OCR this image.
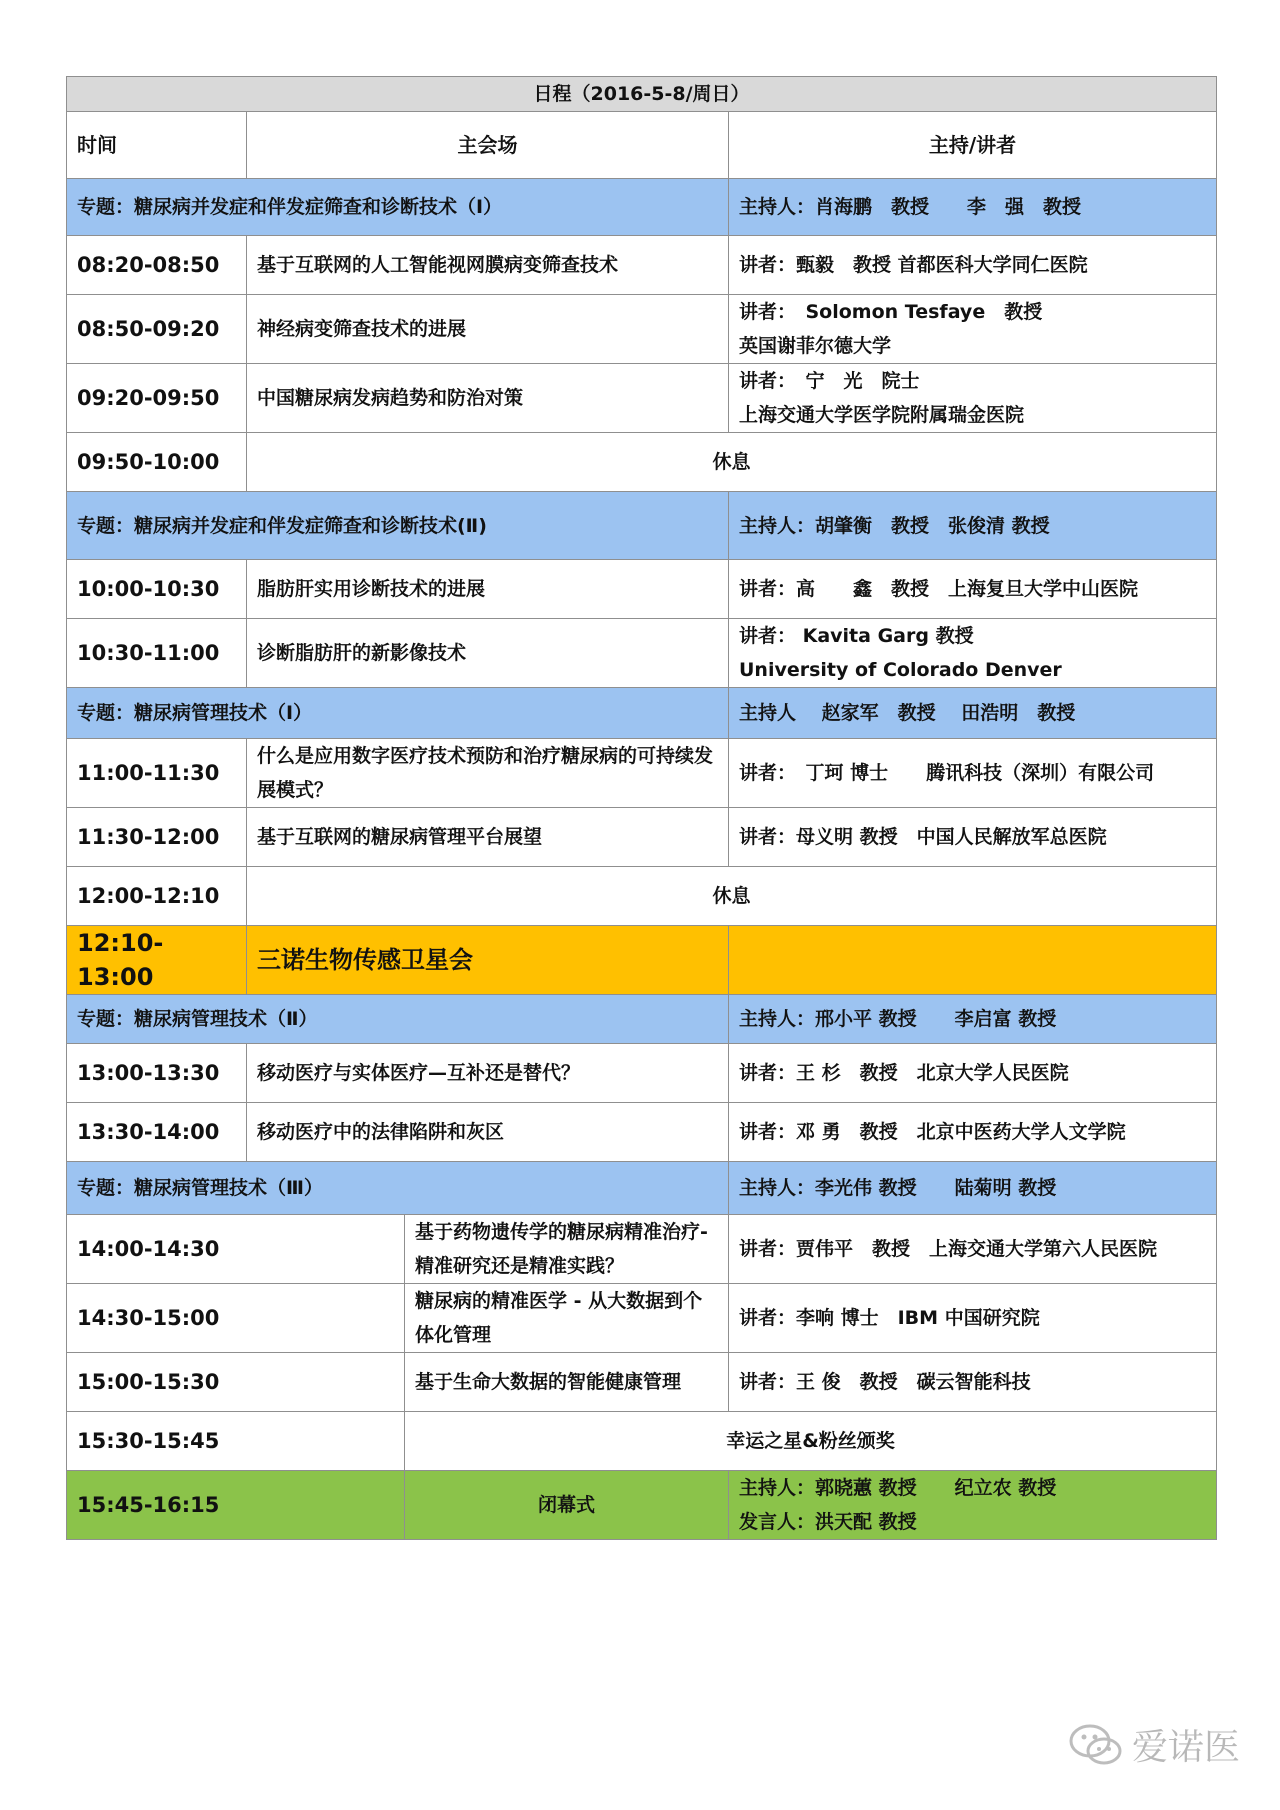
日程（2016-5-8/周日）			
时间	主会场		主持/讲者
专题：糖尿病并发症和伴发症筛查和诊断技术（Ⅰ）			主持人：肖海鹏　教授　　李　强　教授
08:20-08:50	基于互联网的人工智能视网膜病变筛查技术		讲者：甄毅　教授 首都医科大学同仁医院

08:50-09:20	神经病变筛查技术的进展		讲者：　Solomon Tesfaye　教授
英国谢菲尔德大学

09:20-09:50	中国糖尿病发病趋势和防治对策		讲者：　宁　光　院士
上海交通大学医学院附属瑞金医院

09:50-10:00	休息		
专题：糖尿病并发症和伴发症筛查和诊断技术(Ⅱ)			主持人：胡肇衡　教授　张俊清 教授
10:00-10:30	脂肪肝实用诊断技术的进展		讲者：高　　鑫　教授　上海复旦大学中山医院

10:30-11:00	诊断脂肪肝的新影像技术		讲者： Kavita Garg 教授
University of Colorado Denver

专题：糖尿病管理技术（Ⅰ）			主持人　 赵家军　教授　 田浩明　教授
11:00-11:30	什么是应用数字医疗技术预防和治疗糖尿病的可持续发展模式？		讲者：　丁珂 博士　　腾讯科技（深圳）有限公司

11:30-12:00	基于互联网的糖尿病管理平台展望		讲者：母义明 教授　中国人民解放军总医院

12:00-12:10	休息		
12:10-13:00	三诺生物传感卫星会		
专题：糖尿病管理技术（Ⅱ）			主持人：邢小平 教授　　李启富 教授
13:00-13:30	移动医疗与实体医疗—互补还是替代？		讲者：王 杉　教授　北京大学人民医院

13:30-14:00	移动医疗中的法律陷阱和灰区		讲者：邓 勇　教授　北京中医药大学人文学院

专题：糖尿病管理技术（Ⅲ）			主持人：李光伟 教授　　陆菊明 教授
14:00-14:30		基于药物遗传学的糖尿病精准治疗-精准研究还是精准实践？	讲者：贾伟平　教授　上海交通大学第六人民医院

14:30-15:00		糖尿病的精准医学 - 从大数据到个体化管理	讲者：李响 博士　IBM 中国研究院

15:00-15:30		基于生命大数据的智能健康管理	讲者：王 俊　教授　碳云智能科技

15:30-15:45		幸运之星&粉丝颁奖	
15:45-16:15		闭幕式	主持人：郭晓蕙 教授　　纪立农 教授
发言人：洪天配 教授
爱诺医
